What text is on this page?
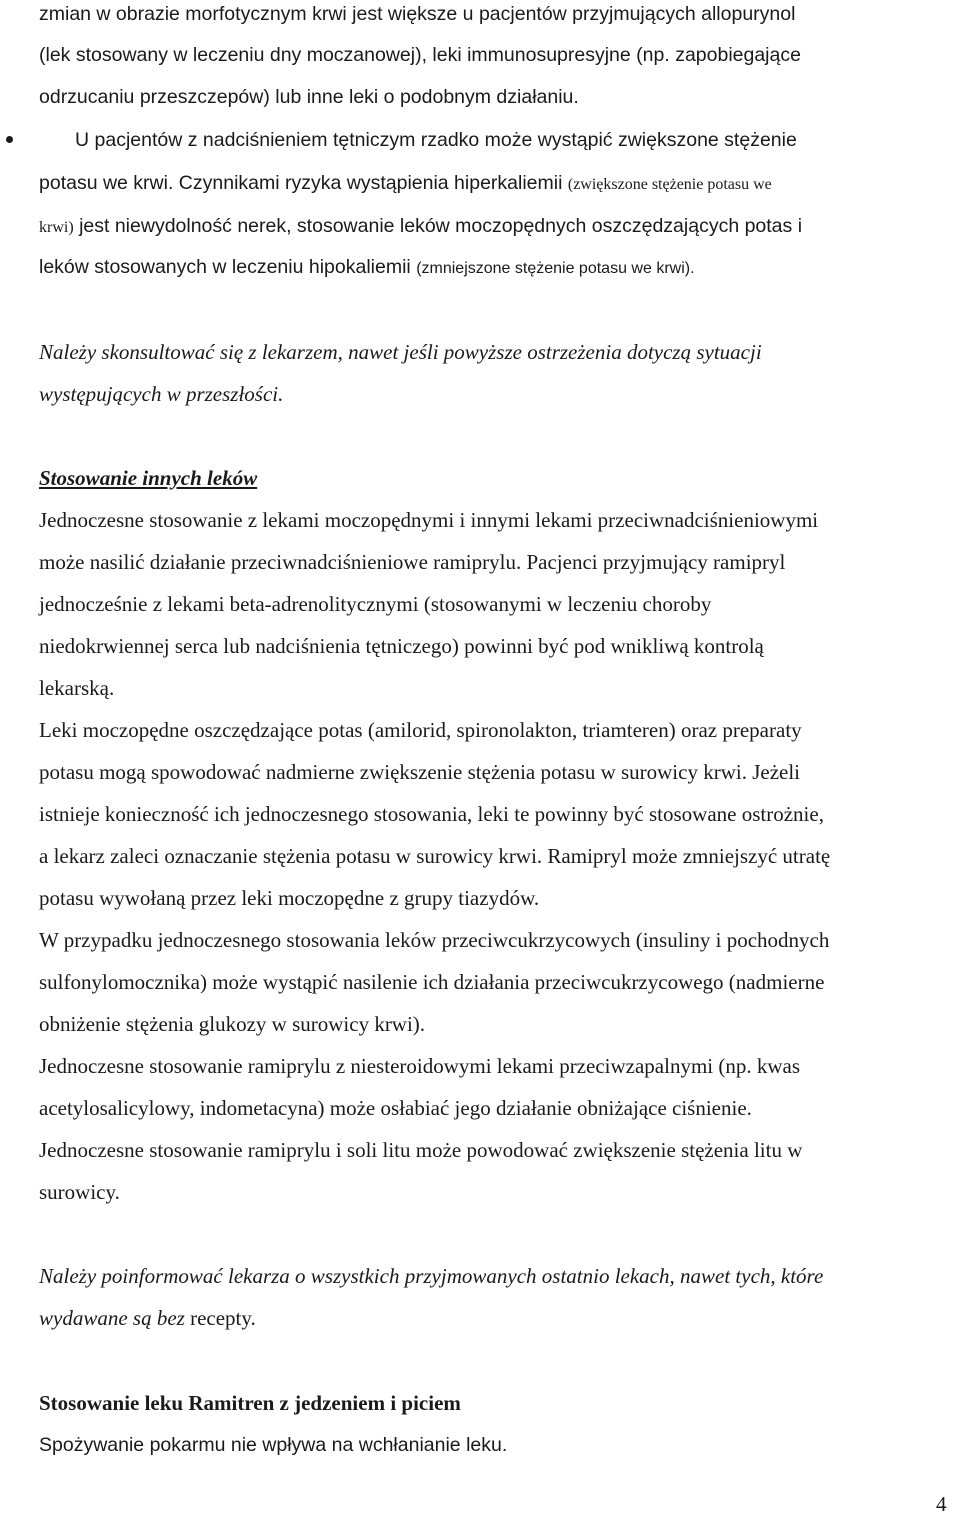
zmian w obrazie morfotycznym krwi jest większe u pacjentów przyjmujących allopurynol
(lek stosowany w leczeniu dny moczanowej), leki immunosupresyjne (np. zapobiegające
odrzucaniu przeszczepów) lub inne leki o podobnym działaniu.
U pacjentów z nadciśnieniem tętniczym rzadko może wystąpić zwiększone stężenie
potasu we krwi. Czynnikami ryzyka wystąpienia hiperkaliemii (zwiększone stężenie potasu we
krwi) jest niewydolność nerek, stosowanie leków moczopędnych oszczędzających potas i
leków stosowanych w leczeniu hipokaliemii (zmniejszone stężenie potasu we krwi).
Należy skonsultować się z lekarzem, nawet jeśli powyższe ostrzeżenia dotyczą sytuacji
występujących w przeszłości.
Stosowanie innych leków
Jednoczesne stosowanie z lekami moczopędnymi i innymi lekami przeciwnadciśnieniowymi
może nasilić działanie przeciwnadciśnieniowe ramiprylu. Pacjenci przyjmujący ramipryl
jednocześnie z lekami beta-adrenolitycznymi (stosowanymi w leczeniu choroby
niedokrwiennej serca lub nadciśnienia tętniczego) powinni być pod wnikliwą kontrolą
lekarską.
Leki moczopędne oszczędzające potas (amilorid, spironolakton, triamteren) oraz preparaty
potasu mogą spowodować nadmierne zwiększenie stężenia potasu w surowicy krwi. Jeżeli
istnieje konieczność ich jednoczesnego stosowania, leki te powinny być stosowane ostrożnie,
a lekarz zaleci oznaczanie stężenia potasu w surowicy krwi. Ramipryl może zmniejszyć utratę
potasu wywołaną przez leki moczopędne z grupy tiazydów.
W przypadku jednoczesnego stosowania leków przeciwcukrzycowych (insuliny i pochodnych
sulfonylomocznika) może wystąpić nasilenie ich działania przeciwcukrzycowego (nadmierne
obniżenie stężenia glukozy w surowicy krwi).
Jednoczesne stosowanie ramiprylu z niesteroidowymi lekami przeciwzapalnymi (np. kwas
acetylosalicylowy, indometacyna) może osłabiać jego działanie obniżające ciśnienie.
Jednoczesne stosowanie ramiprylu i soli litu może powodować zwiększenie stężenia litu w
surowicy.
Należy poinformować lekarza o wszystkich przyjmowanych ostatnio lekach, nawet tych, które
wydawane są bez recepty.
Stosowanie leku Ramitren z jedzeniem i piciem
Spożywanie pokarmu nie wpływa na wchłanianie leku.
4
